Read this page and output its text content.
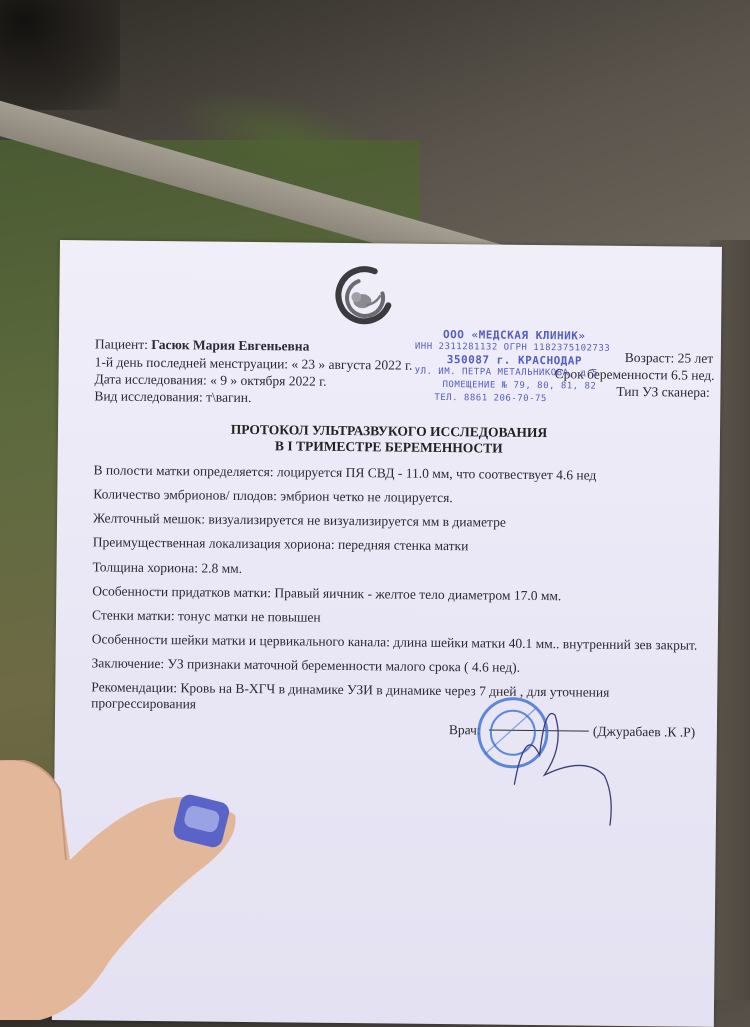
Пациент: Гасюк Мария Евгеньевна
1-й день последней менструации: « 23 » августа 2022 г.
Дата исследования: « 9 » октября 2022 г.
Вид исследования: т\вагин.
Возраст: 25 лет
Срок беременности 6.5 нед.
Тип УЗ сканера:
ООО «МЕДСКАЯ КЛИНИК»
ИНН 2311281132 ОГРН 1182375102733
350087 г. КРАСНОДАР
УЛ. ИМ. ПЕТРА МЕТАЛЬНИКОВА, д.5
ПОМЕЩЕНИЕ № 79, 80, 81, 82
ТЕЛ. 8861 206-70-75
ПРОТОКОЛ УЛЬТРАЗВУКОГО ИССЛЕДОВАНИЯ
В I ТРИМЕСТРЕ БЕРЕМЕННОСТИ
В полости матки определяется: лоцируется ПЯ СВД - 11.0 мм, что соотвествует 4.6 нед
Количество эмбрионов/ плодов: эмбрион четко не лоцируется.
Желточный мешок: визуализируется не визуализируется мм в диаметре
Преимущественная локализация хориона: передняя стенка матки
Толщина хориона: 2.8 мм.
Особенности придатков матки: Правый яичник - желтое тело диаметром 17.0 мм.
Стенки матки: тонус матки не повышен
Особенности шейки матки и цервикального канала: длина шейки матки 40.1 мм.. внутренний зев закрыт.
Заключение: УЗ признаки маточной беременности малого срока ( 4.6 нед).
Рекомендации: Кровь на В-ХГЧ в динамике УЗИ в динамике через 7 дней , для уточнения
прогрессирования
Врач:	(Джурабаев .К .Р)
